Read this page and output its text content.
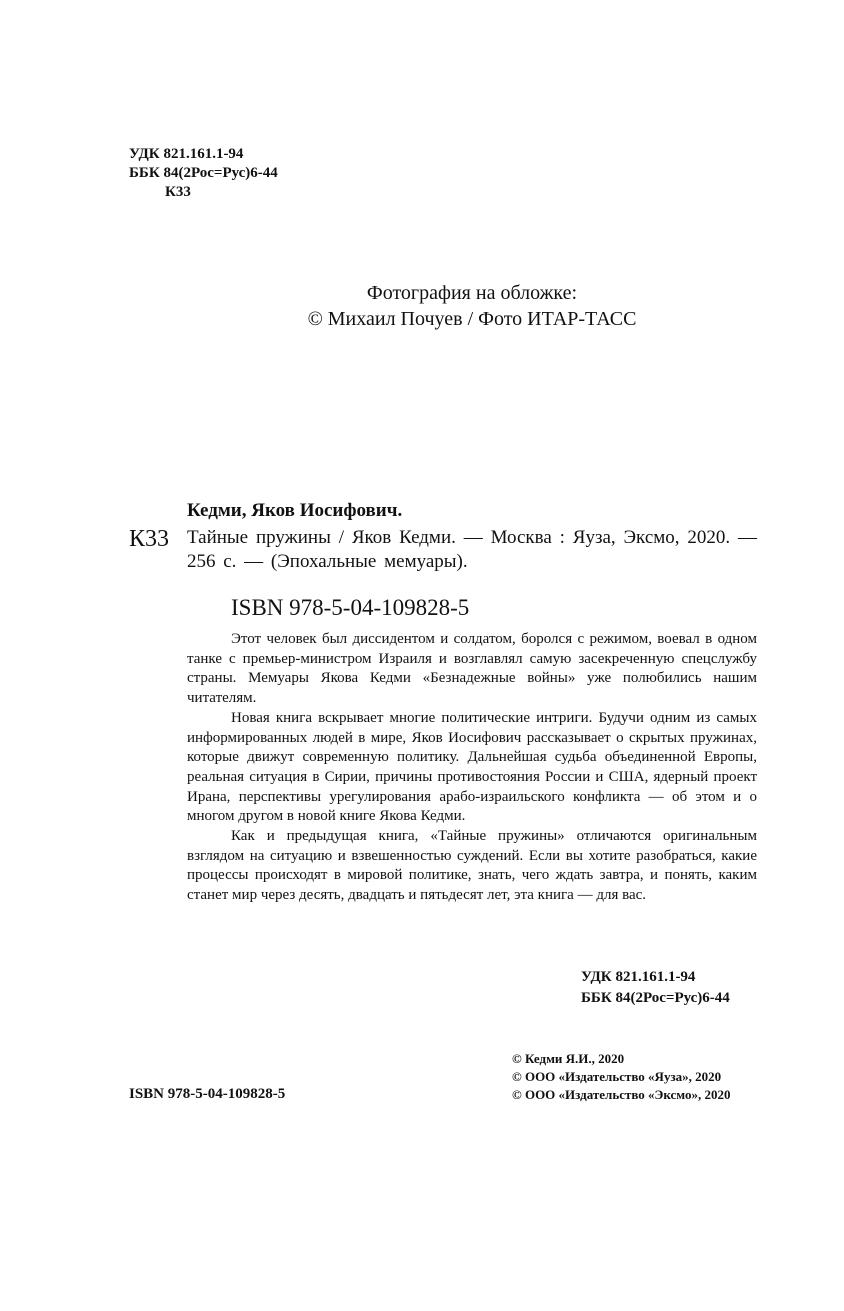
УДК 821.161.1-94
ББК 84(2Рос=Рус)6-44
К33
Фотография на обложке:
© Михаил Почуев / Фото ИТАР-ТАСС
Кедми, Яков Иосифович.
К33 Тайные пружины / Яков Кедми. — Москва : Яуза, Эксмо, 2020. — 256 с. — (Эпохальные мемуары).
ISBN 978-5-04-109828-5

Этот человек был диссидентом и солдатом, боролся с режимом, воевал в одном танке с премьер-министром Израиля и возглавлял самую засекреченную спецслужбу страны. Мемуары Якова Кедми «Безнадежные войны» уже полюбились нашим читателям.

Новая книга вскрывает многие политические интриги. Будучи одним из самых информированных людей в мире, Яков Иосифович рассказывает о скрытых пружинах, которые движут современную политику. Дальнейшая судьба объединенной Европы, реальная ситуация в Сирии, причины противостояния России и США, ядерный проект Ирана, перспективы урегулирования арабо-израильского конфликта — об этом и о многом другом в новой книге Якова Кедми.

Как и предыдущая книга, «Тайные пружины» отличаются оригинальным взглядом на ситуацию и взвешенностью суждений. Если вы хотите разобраться, какие процессы происходят в мировой политике, знать, чего ждать завтра, и понять, каким станет мир через десять, двадцать и пятьдесят лет, эта книга — для вас.

УДК 821.161.1-94
ББК 84(2Рос=Рус)6-44
© Кедми Я.И., 2020
© ООО «Издательство «Яуза», 2020
© ООО «Издательство «Эксмо», 2020
ISBN 978-5-04-109828-5
